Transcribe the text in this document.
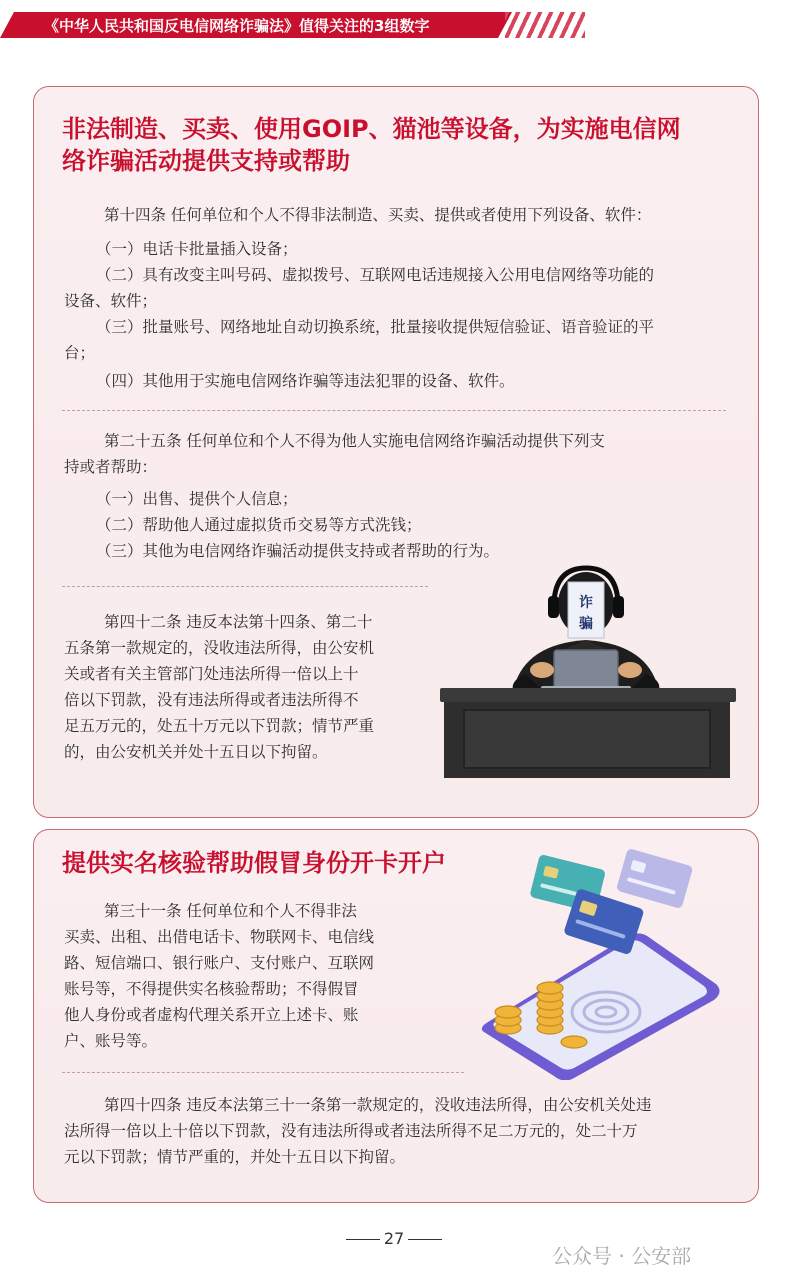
《中华人民共和国反电信网络诈骗法》值得关注的3组数字
非法制造、买卖、使用GOIP、猫池等设备，为实施电信网
络诈骗活动提供支持或帮助
第十四条 任何单位和个人不得非法制造、买卖、提供或者使用下列设备、软件：
（一）电话卡批量插入设备；
（二）具有改变主叫号码、虚拟拨号、互联网电话违规接入公用电信网络等功能的
设备、软件；
（三）批量账号、网络地址自动切换系统，批量接收提供短信验证、语音验证的平
台；
（四）其他用于实施电信网络诈骗等违法犯罪的设备、软件。
第二十五条 任何单位和个人不得为他人实施电信网络诈骗活动提供下列支
持或者帮助：
（一）出售、提供个人信息；
（二）帮助他人通过虚拟货币交易等方式洗钱；
（三）其他为电信网络诈骗活动提供支持或者帮助的行为。
第四十二条 违反本法第十四条、第二十
五条第一款规定的，没收违法所得，由公安机
关或者有关主管部门处违法所得一倍以上十
倍以下罚款，没有违法所得或者违法所得不
足五万元的，处五十万元以下罚款；情节严重
的，由公安机关并处十五日以下拘留。
诈
骗
提供实名核验帮助假冒身份开卡开户
第三十一条 任何单位和个人不得非法
买卖、出租、出借电话卡、物联网卡、电信线
路、短信端口、银行账户、支付账户、互联网
账号等，不得提供实名核验帮助；不得假冒
他人身份或者虚构代理关系开立上述卡、账
户、账号等。
第四十四条 违反本法第三十一条第一款规定的，没收违法所得，由公安机关处违
法所得一倍以上十倍以下罚款，没有违法所得或者违法所得不足二万元的，处二十万
元以下罚款；情节严重的，并处十五日以下拘留。
27
公众号 · 公安部
